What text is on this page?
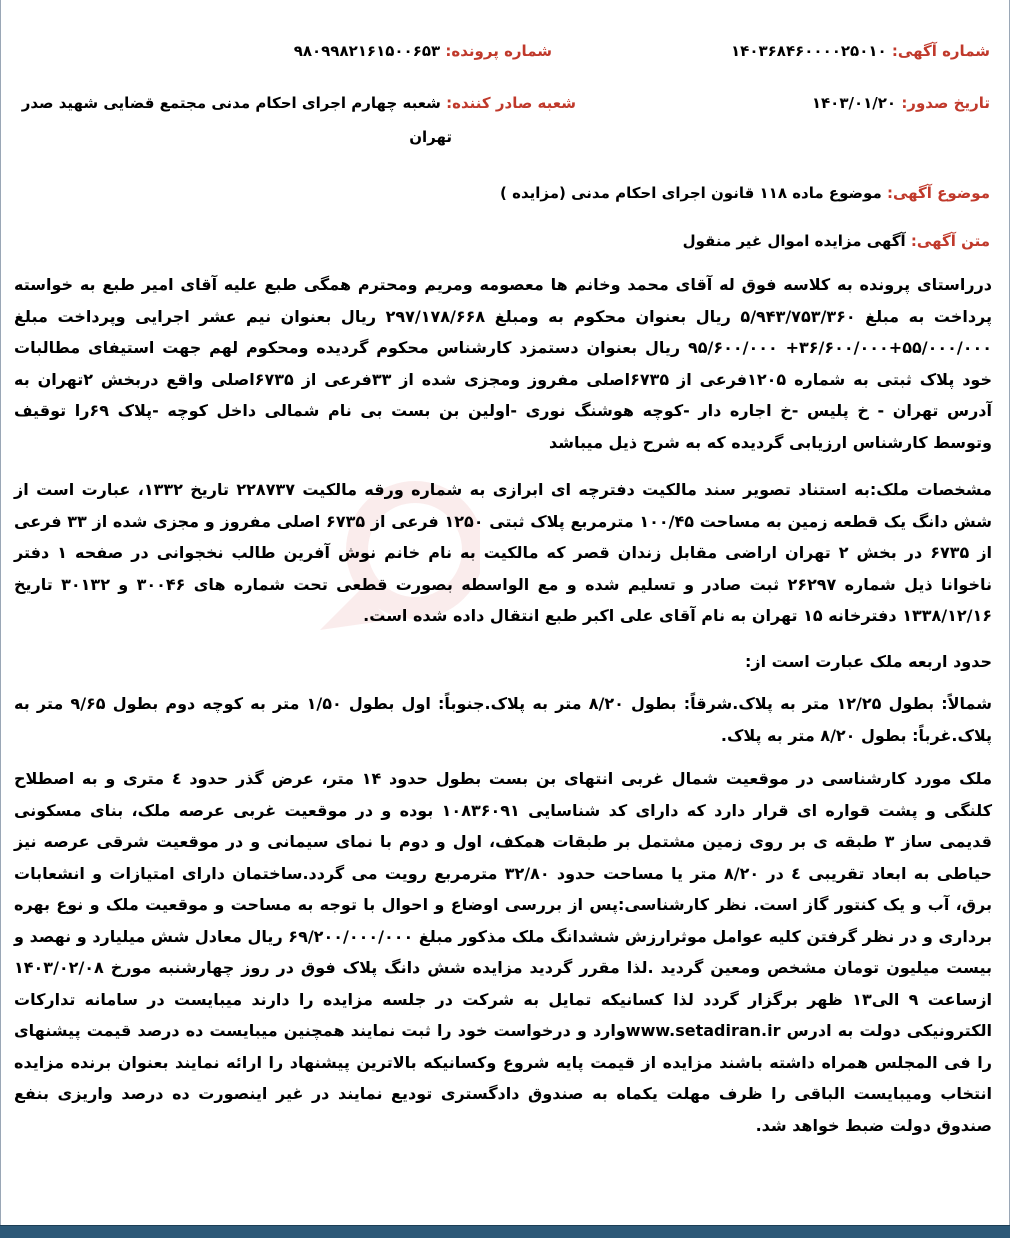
شماره آگهی: ۱۴۰۳۶۸۴۶۰۰۰۰۲۵۰۱۰
شماره پرونده: ۹۸۰۹۹۸۲۱۶۱۵۰۰۶۵۳
تاریخ صدور: ۱۴۰۳/۰۱/۲۰
شعبه صادر کننده: شعبه چهارم اجرای احکام مدنی مجتمع قضایی شهید صدر
تهران
موضوع آگهی: موضوع ماده ۱۱۸ قانون اجرای احکام مدنی (مزایده )
متن آگهی: آگهی مزایده اموال غیر منقول

درراستای پرونده به کلاسه فوق له آقای محمد وخانم ها معصومه ومریم ومحترم همگی طبع علیه آقای امیر طبع به خواسته پرداخت به مبلغ ۵/۹۴۳/۷۵۳/۳۶۰ ریال بعنوان محکوم به ومبلغ ۲۹۷/۱۷۸/۶۶۸ ریال بعنوان نیم عشر اجرایی وپرداخت مبلغ ۵۵/۰۰۰/۰۰۰+۳۶/۶۰۰/۰۰۰+ ۹۵/۶۰۰/۰۰۰ ریال بعنوان دستمزد کارشناس محکوم گردیده ومحکوم لهم جهت استیفای مطالبات خود پلاک ثبتی به شماره ۱۲۰۵فرعی از ۶۷۳۵اصلی مفروز ومجزی شده از ۳۳فرعی از ۶۷۳۵اصلی واقع دربخش ۲تهران به آدرس تهران - خ پلیس -خ اجاره دار -کوچه هوشنگ نوری -اولین بن بست بی نام شمالی داخل کوچه -پلاک ۶۹را توقیف وتوسط کارشناس ارزیابی گردیده که به شرح ذیل میباشد

مشخصات ملک:به استناد تصویر سند مالکیت دفترچه ای ابرازی به شماره ورقه مالکیت ۲۲۸۷۳۷ تاریخ ۱۳۳۲، عبارت است از شش دانگ یک قطعه زمین به مساحت ۱۰۰/۴۵ مترمربع پلاک ثبتی ۱۲۵۰ فرعی از ۶۷۳۵ اصلی مفروز و مجزی شده از ۳۳ فرعی از ۶۷۳۵ در بخش ۲ تهران اراضی مقابل زندان قصر که مالکیت به نام خانم نوش آفرین طالب نخجوانی در صفحه ۱ دفتر ناخوانا ذیل شماره ۲۶۲۹۷ ثبت صادر و تسلیم شده و مع الواسطه بصورت قطعی تحت شماره های ۳۰۰۴۶ و ۳۰۱۳۲ تاریخ ۱۳۳۸/۱۲/۱۶ دفترخانه ۱۵ تهران به نام آقای علی اکبر طبع انتقال داده شده است.

حدود اربعه ملک عبارت است از:

شمالاً: بطول ۱۲/۲۵ متر به پلاک.شرقاً: بطول ۸/۲۰ متر به پلاک.جنوباً: اول بطول ۱/۵۰ متر به کوچه دوم بطول ۹/۶۵ متر به پلاک.غرباً: بطول ۸/۲۰ متر به پلاک.

ملک مورد کارشناسی در موقعیت شمال غربی انتهای بن بست بطول حدود ۱۴ متر، عرض گذر حدود ٤ متری و به اصطلاح کلنگی و پشت قواره ای قرار دارد که دارای کد شناسایی ۱۰۸۳۶۰۹۱ بوده و در موقعیت غربی عرصه ملک، بنای مسکونی قدیمی ساز ۳ طبقه ی بر روی زمین مشتمل بر طبقات همکف، اول و دوم با نمای سیمانی و در موقعیت شرقی عرصه نیز حیاطی به ابعاد تقریبی ٤ در ۸/۲۰ متر یا مساحت حدود ۳۲/۸۰ مترمربع رویت می گردد.ساختمان دارای امتیازات و انشعابات برق، آب و یک کنتور گاز است. نظر کارشناسی:پس از بررسی اوضاع و احوال با توجه به مساحت و موقعیت ملک و نوع بهره برداری و در نظر گرفتن کلیه عوامل موثرارزش ششدانگ ملک مذکور مبلغ ۶۹/۲۰۰/۰۰۰/۰۰۰ ریال معادل شش میلیارد و نهصد و بیست میلیون تومان مشخص ومعین گردید .لذا مقرر گردید مزایده شش دانگ پلاک فوق در روز چهارشنبه مورخ ۱۴۰۳/۰۲/۰۸ ازساعت ۹ الی۱۳ ظهر برگزار گردد لذا کسانیکه تمایل به شرکت در جلسه مزایده را دارند میبایست در سامانه تدارکات الکترونیکی دولت به ادرس www.setadiran.irوارد و درخواست خود را ثبت نمایند همچنین میبایست ده درصد قیمت پیشنهای را فی المجلس همراه داشته باشند مزایده از قیمت پایه شروع وکسانیکه بالاترین پیشنهاد را ارائه نمایند بعنوان برنده مزایده انتخاب ومیبایست الباقی را ظرف مهلت یکماه به صندوق دادگستری تودیع نمایند در غیر اینصورت ده درصد واریزی بنفع صندوق دولت ضبط خواهد شد.
